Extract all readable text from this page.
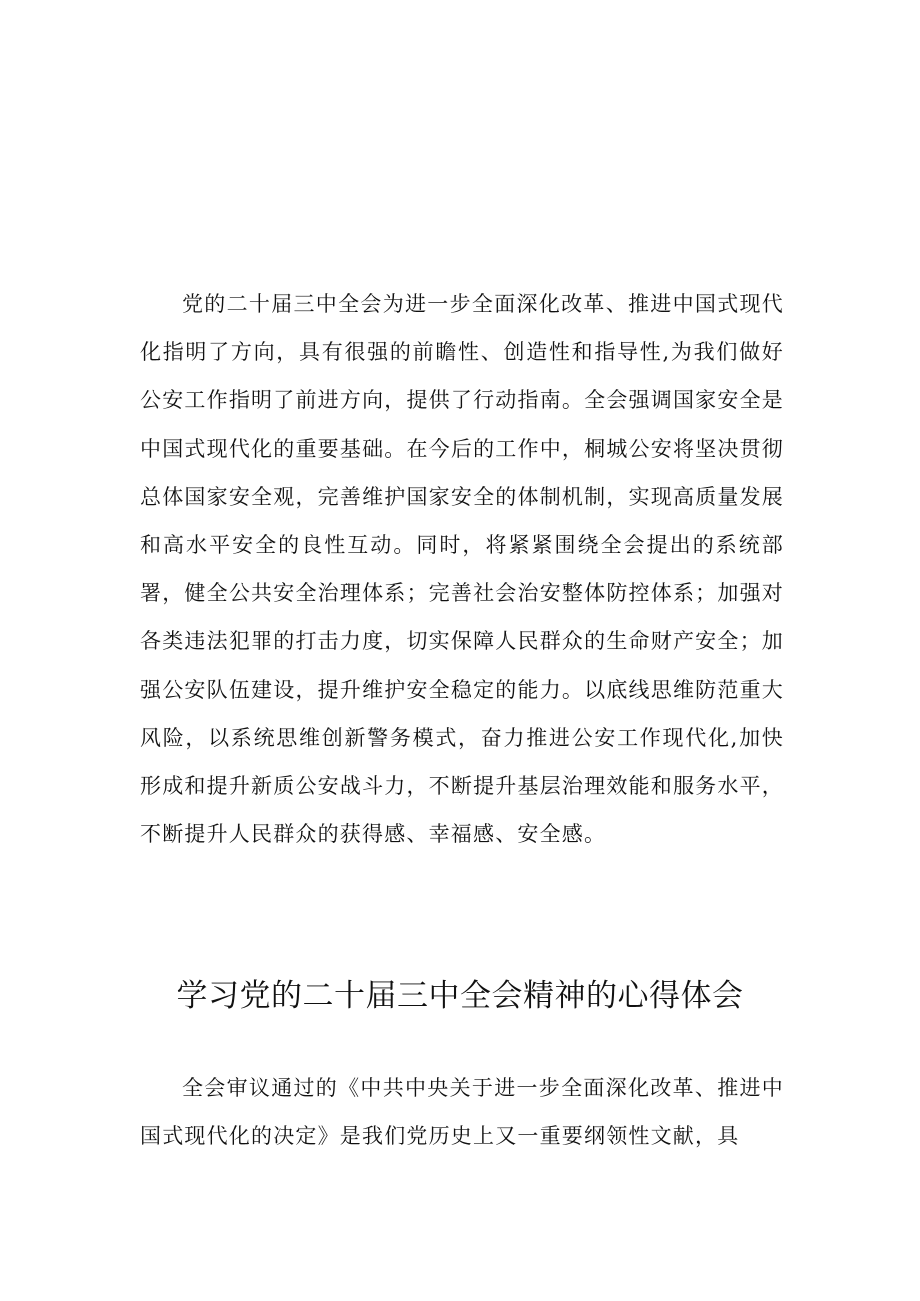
党的二十届三中全会为进一步全面深化改革、推进中国式现代化指明了方向，具有很强的前瞻性、创造性和指导性,为我们做好公安工作指明了前进方向，提供了行动指南。全会强调国家安全是中国式现代化的重要基础。在今后的工作中，桐城公安将坚决贯彻总体国家安全观，完善维护国家安全的体制机制，实现高质量发展和高水平安全的良性互动。同时，将紧紧围绕全会提出的系统部署，健全公共安全治理体系；完善社会治安整体防控体系；加强对各类违法犯罪的打击力度，切实保障人民群众的生命财产安全；加强公安队伍建设，提升维护安全稳定的能力。以底线思维防范重大风险，以系统思维创新警务模式，奋力推进公安工作现代化,加快形成和提升新质公安战斗力，不断提升基层治理效能和服务水平，不断提升人民群众的获得感、幸福感、安全感。

学习党的二十届三中全会精神的心得体会

全会审议通过的《中共中央关于进一步全面深化改革、推进中国式现代化的决定》是我们党历史上又一重要纲领性文献，具
